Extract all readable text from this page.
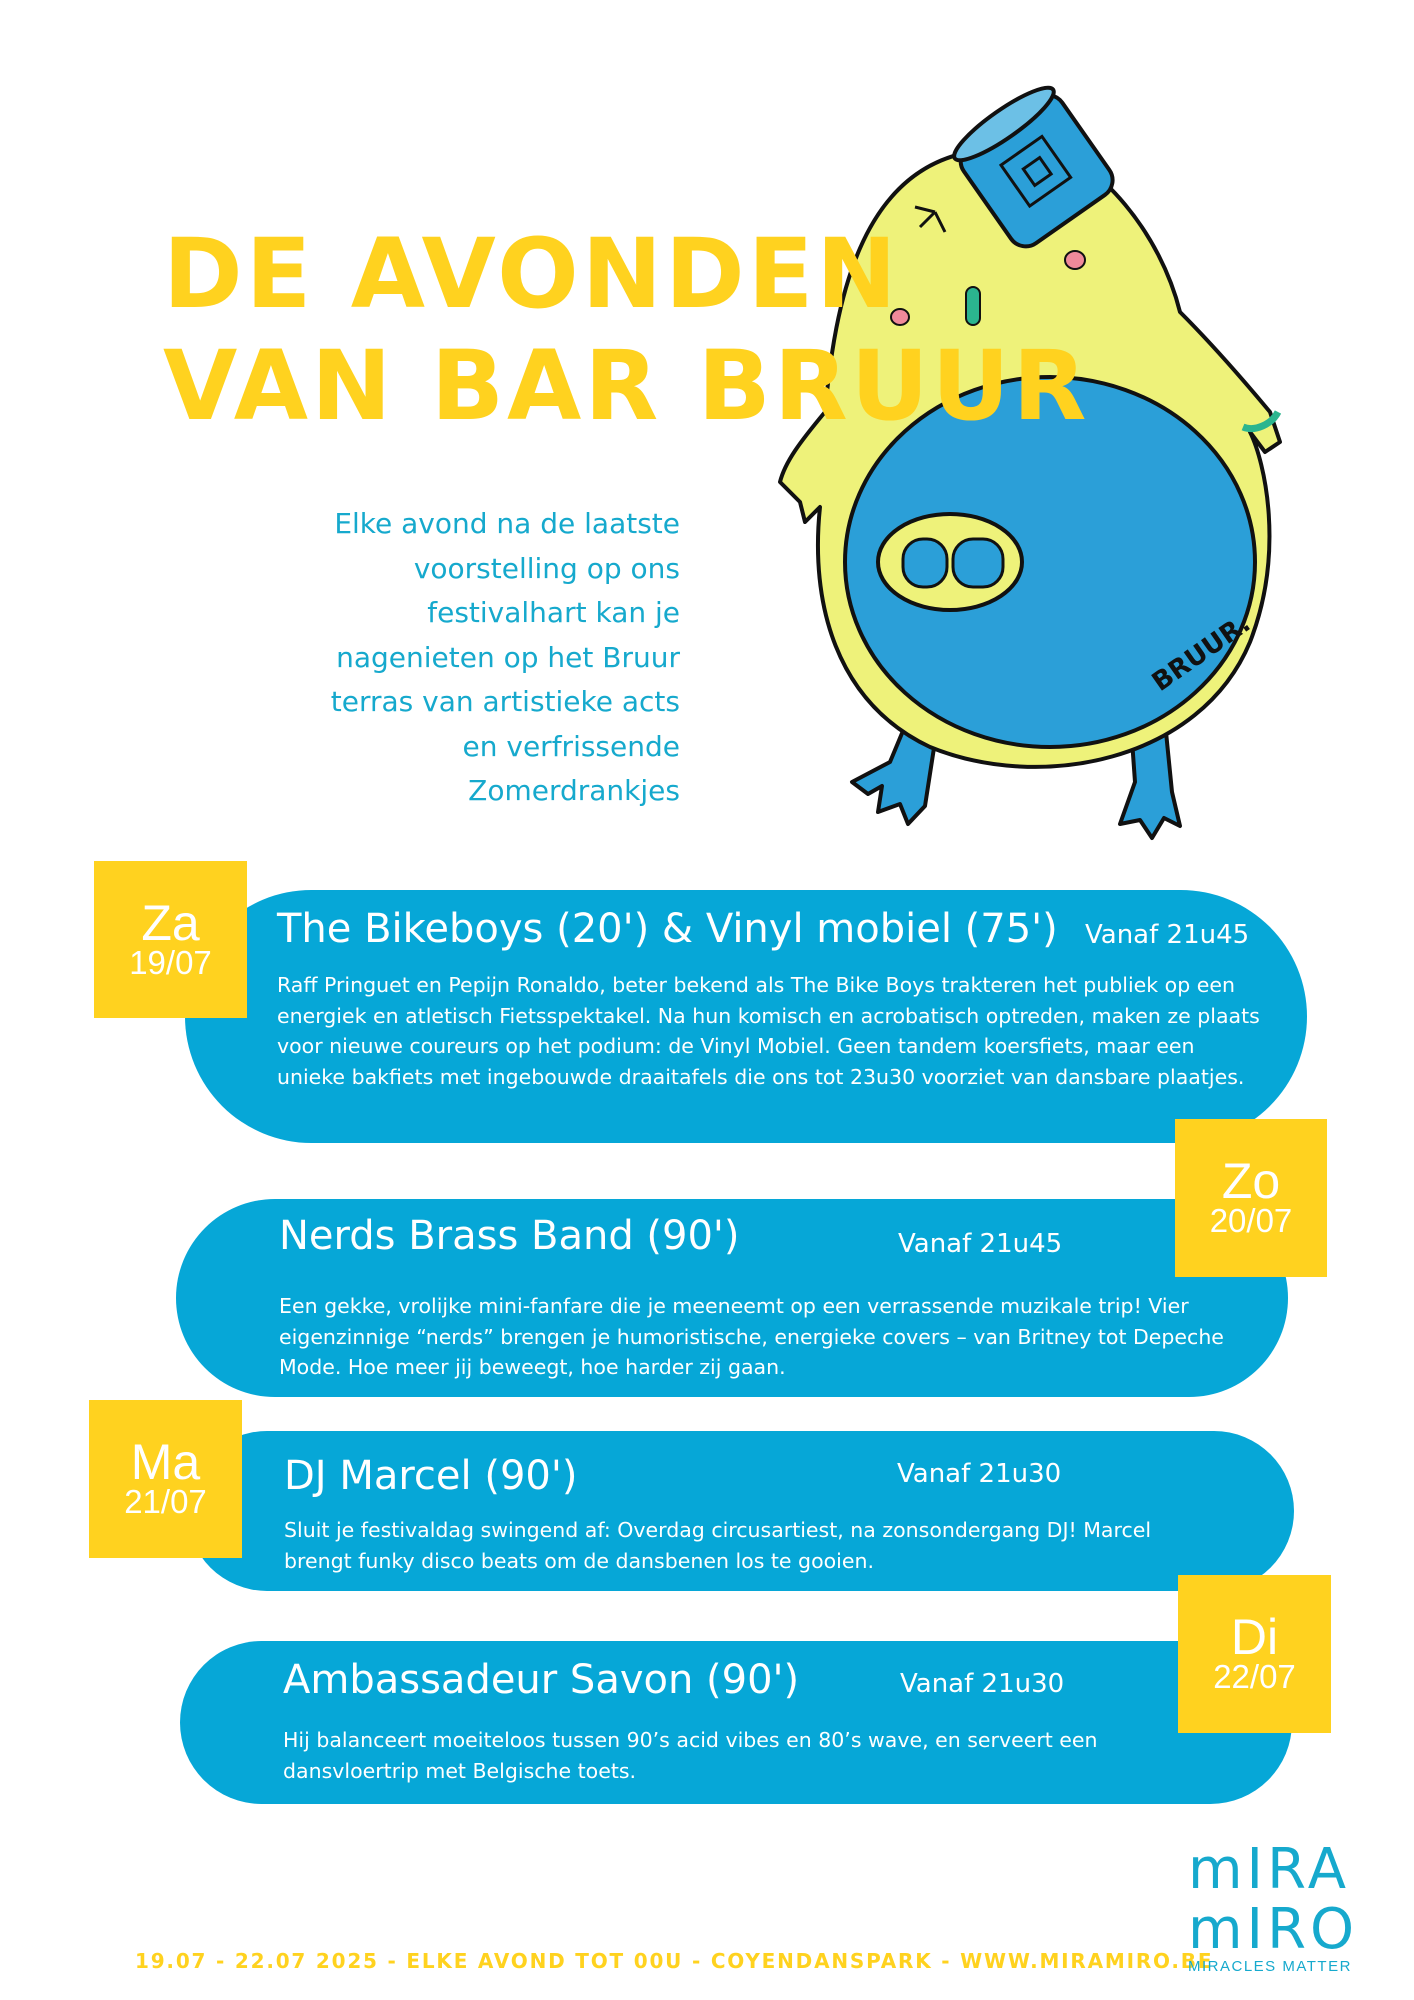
DE AVONDEN
VAN BAR BRUUR
BRUUR.

Elke avond na de laatste
voorstelling op ons
festivalhart kan je
nagenieten op het Bruur
terras van artistieke acts
en verfrissende
Zomerdrankjes

The Bikeboys (20') & Vinyl mobiel (75') Vanaf 21u45
Raff Pringuet en Pepijn Ronaldo, beter bekend als The Bike Boys trakteren het publiek op een energiek en atletisch Fietsspektakel. Na hun komisch en acrobatisch optreden, maken ze plaats voor nieuwe coureurs op het podium: de Vinyl Mobiel. Geen tandem koersfiets, maar een unieke bakfiets met ingebouwde draaitafels die ons tot 23u30 voorziet van dansbare plaatjes.
Za
19/07
Nerds Brass Band (90')	Vanaf 21u45
Een gekke, vrolijke mini-fanfare die je meeneemt op een verrassende muzikale trip! Vier eigenzinnige “nerds” brengen je humoristische, energieke covers – van Britney tot Depeche Mode. Hoe meer jij beweegt, hoe harder zij gaan.
Zo
20/07
DJ Marcel (90')	Vanaf 21u30
Sluit je festivaldag swingend af: Overdag circusartiest, na zonsondergang DJ! Marcel brengt funky disco beats om de dansbenen los te gooien.
Ma
21/07
Ambassadeur Savon (90')	Vanaf 21u30
Hij balanceert moeiteloos tussen 90’s acid vibes en 80’s wave, en serveert een dansvloertrip met Belgische toets.
Di
22/07
19.07 - 22.07 2025 - ELKE AVOND TOT 00U - COYENDANSPARK - WWW.MIRAMIRO.BE
mIRA
mIRO
MIRACLES MATTER
